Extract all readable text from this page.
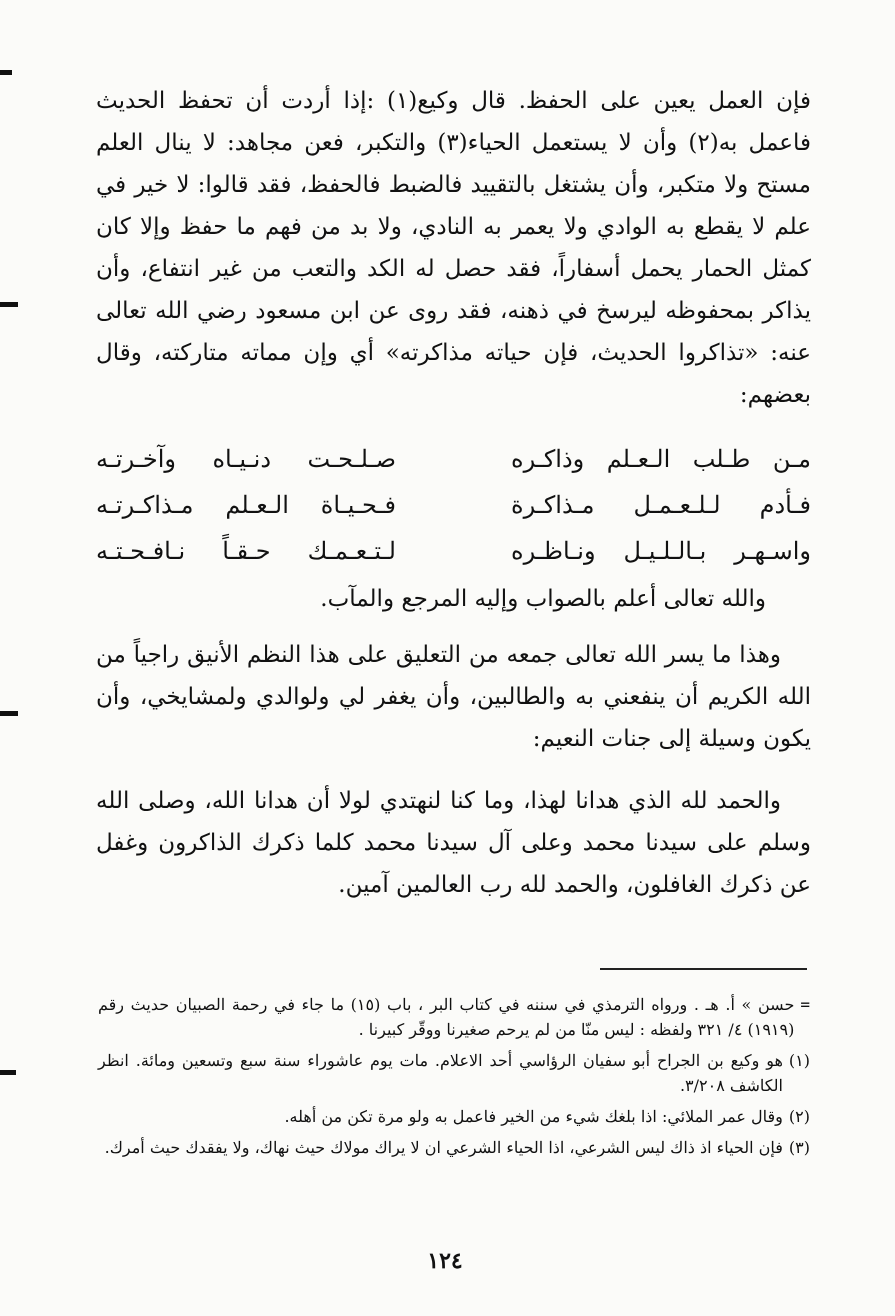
فإن العمل يعين على الحفظ. قال وكيع(١) :إذا أردت أن تحفظ الحديث فاعمل به(٢) وأن لا يستعمل الحياء(٣) والتكبر، فعن مجاهد: لا ينال العلم مستح ولا متكبر، وأن يشتغل بالتقييد فالضبط فالحفظ، فقد قالوا: لا خير في علم لا يقطع به الوادي ولا يعمر به النادي، ولا بد من فهم ما حفظ وإلا كان كمثل الحمار يحمل أسفاراً، فقد حصل له الكد والتعب من غير انتفاع، وأن يذاكر بمحفوظه ليرسخ في ذهنه، فقد روى عن ابن مسعود رضي الله تعالى عنه: «تذاكروا الحديث، فإن حياته مذاكرته» أي وإن مماته متاركته، وقال بعضهم:

مـن طـلب الـعـلم وذاكـره
صـلـحـت دنـيـاه وآخـرتـه
فـأدم لـلـعـمـل مـذاكـرة
فـحـيـاة الـعـلم مـذاكـرتـه
واسـهـر بـالـلـيـل ونـاظـره
لـتـعـمـك حـقـاً نـافـحـتـه

والله تعالى أعلم بالصواب وإليه المرجع والمآب.

وهذا ما يسر الله تعالى جمعه من التعليق على هذا النظم الأنيق راجياً من الله الكريم أن ينفعني به والطالبين، وأن يغفر لي ولوالدي ولمشايخي، وأن يكون وسيلة إلى جنات النعيم:

والحمد لله الذي هدانا لهذا، وما كنا لنهتدي لولا أن هدانا الله، وصلى الله وسلم على سيدنا محمد وعلى آل سيدنا محمد كلما ذكرك الذاكرون وغفل عن ذكرك الغافلون، والحمد لله رب العالمين آمين.

=
حسن » أ. هـ . ورواه الترمذي في سننه في كتاب البر ، باب (١٥) ما جاء في رحمة الصبيان حديث رقم (١٩١٩) ٤/ ٣٢١ ولفظه : ليس منّا من لم يرحم صغيرنا ووقّر كبيرنا .
(١)
هو وكيع بن الجراح أبو سفيان الرؤاسي أحد الاعلام. مات يوم عاشوراء سنة سبع وتسعين ومائة. انظر الكاشف ٣/٢٠٨.
(٢)
وقال عمر الملائي: اذا بلغك شيء من الخير فاعمل به ولو مرة تكن من أهله.
(٣)
فإن الحياء اذ ذاك ليس الشرعي، اذا الحياء الشرعي ان لا يراك مولاك حيث نهاك، ولا يفقدك حيث أمرك.
١٢٤
